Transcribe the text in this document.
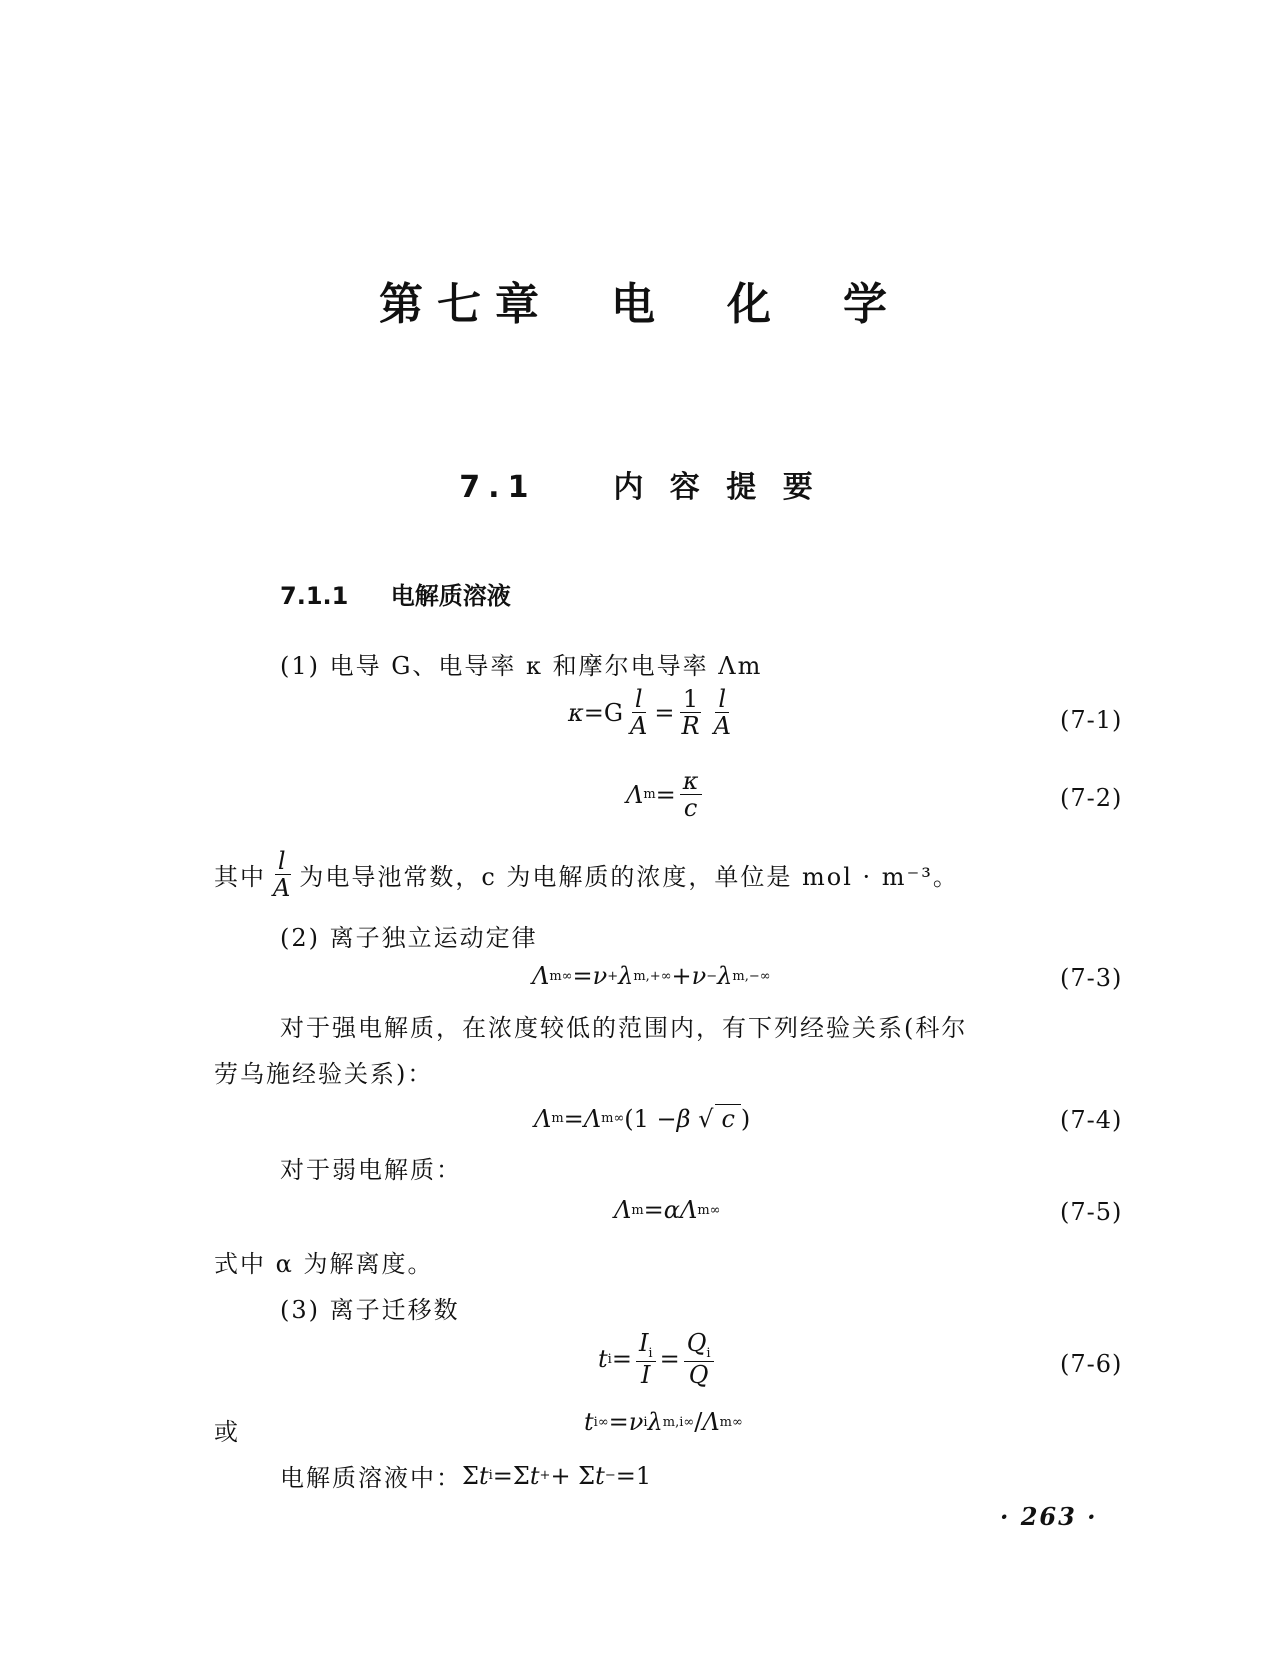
第七章　电　化　学
7.1	内 容 提 要
7.1.1 电解质溶液
(1) 电导 G、电导率 κ 和摩尔电导率 Λm
$\kappa =G \frac{l}{A} = \frac{1}{R} \frac{l}{A}$	(7-1)
Λ $m = \frac{\kappa}{c}$	(7-2)
其中 $\frac{l}{A}$ 为电导池常数，c 为电解质的浓度，单位是 mol · m⁻³。
(2) 离子独立运动定律
Λ m ∞ = ν + λ m,+ ∞ + ν − λ m,− ∞	(7-3)
对于强电解质，在浓度较低的范围内，有下列经验关系(科尔
劳乌施经验关系)：
Λ m = Λ m ∞ (1 − β √ c )	(7-4)
对于弱电解质：
Λ m = αΛ m ∞	(7-5)
式中 α 为解离度。
(3) 离子迁移数
t $i = \frac{I_i}{I} = \frac{Q_i}{Q}$	(7-6)
或	t i ∞ = ν i λ m,i ∞ / Λ m ∞
电解质溶液中： Σ t i =Σ t + + Σ t − =1
· 263 ·
